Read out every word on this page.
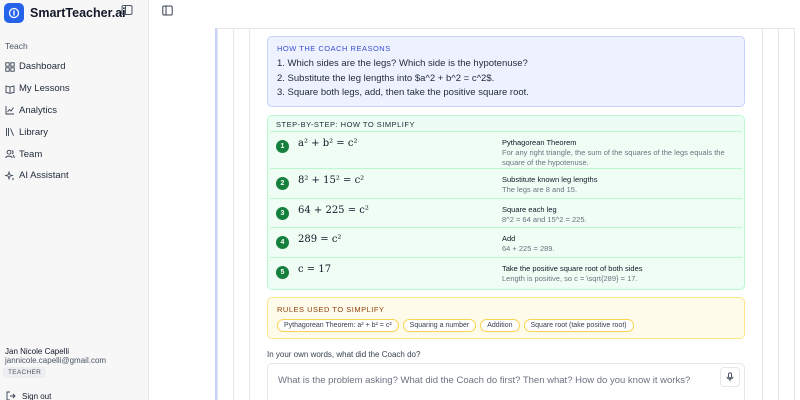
SmartTeacher.ai
Teach
Dashboard
My Lessons
Analytics
Library
Team
AI Assistant
Jan Nicole Capelli
jannicole.capelli@gmail.com
TEACHER
Sign out
HOW THE COACH REASONS
1. Which sides are the legs? Which side is the hypotenuse?
2. Substitute the leg lengths into $a^2 + b^2 = c^2$.
3. Square both legs, add, then take the positive square root.
STEP-BY-STEP: HOW TO SIMPLIFY
1	a² + b² = c²	Pythagorean Theorem
For any right triangle, the sum of the squares of the legs equals the square of the hypotenuse.
2	8² + 15² = c²	Substitute known leg lengths
The legs are 8 and 15.
3	64 + 225 = c²	Square each leg
8^2 = 64 and 15^2 = 225.
4	289 = c²	Add
64 + 225 = 289.
5	c = 17	Take the positive square root of both sides
Length is positive, so c = \sqrt{289} = 17.
RULES USED TO SIMPLIFY
Pythagorean Theorem: a² + b² = c²	Squaring a number	Addition	Square root (take positive root)
In your own words, what did the Coach do?
What is the problem asking? What did the Coach do first? Then what? How do you know it works?
